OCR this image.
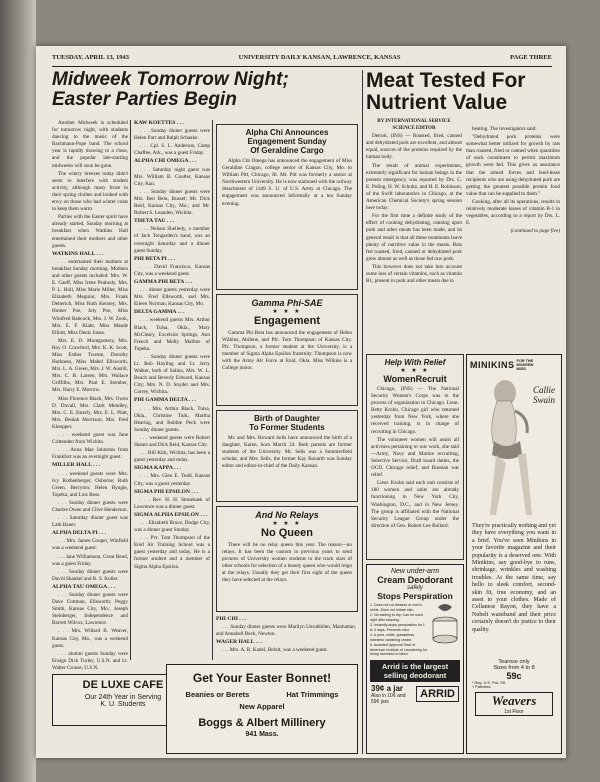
TUESDAY, APRIL 13, 1943	UNIVERSITY DAILY KANSAN, LAWRENCE, KANSAS	PAGE THREE
Midweek Tomorrow Night;
Easter Parties Begin
Meat Tested For
Nutrient Value

Another Midweek is scheduled for tomorrow night, with students dancing to the music of the Bachmann-Pope band. The school year is rapidly drawing to a close, and the popular late-starting midweeks will soon be gone.

The wintry breezes today didn't seem to interfere with student activity, although many froze in their spring clothes and looked with envy on those who had winter coats to keep them warm.

Parties with the Easter spirit have already started, Sunday morning at breakfast when Watkins Hall entertained their mothers and other guests.

WATKINS HALL . . .

. . . entertained their mothers at breakfast Sunday morning. Mothers and other guests included: Mrs. W. E. Gaeff, Miss Irene Peabody, Mrs. P. L. Hull, Miss Marie Miller, Miss Elizabeth Meguiar, Mrs. Frank Deiterich, Miss Ruth Kenney, Mrs. Homer Poe, July Poe, Miss Winifred Babcock, Mrs. J. W. Zook, Mrs. E. F. Klahr, Miss Maude Elliott, Miss Denis Jones.

Mrs. E. D. Montgomery, Mrs. Roy O. Crawford, Mrs. K. K. Scott, Miss Esther Twente, Dorothy Harkness, Miss Mabel Ellsworth, Mrs. L. A. Green, Mrs. J. W. Austill, Mrs. C. B. Larsen, Mrs. Wallace Griffiths, Mrs. Paul E. Stember, Mrs. Harry E. Morrow.

Miss Florence Black, Mrs. Owen D. Duvall, Mrs. Clark Mendley, Mrs. C. E. Esterly, Mrs. E. L. Platt, Mrs. Beulah Morrison, Mrs. Fred Kleopper.

. . . weekend guest was Jane Crittenden from Wichita.

. . . Anna Mae Johnston from Frankfort was an overnight guest.

MILLER HALL . . .

. . . weekend guests were Mrs. Ivy Rothenberger, Osborne; Ruth Green, Berryton; Helen Ryngle, Topeka, and Lois Ross.

. . . Sunday dinner guests were Charles Owen and Clive Henderson.

. . . Saturday dinner guest was Lath Bauer.

ALPHA DELTA PI . . .

. . . Mrs. James Cooper, Winfield was a weekend guest.

. . . Jane Williamson, Great Bend, was a guest Friday.

. . . Sunday dinner guests were David Shankel and R. S. Koller.

ALPHA TAU OMEGA . . .

. . . Sunday dinner guests were Dave Cottman, Ellsworth; Peggy Smith, Kansas City, Mo.; Joseph Steinberger, Independence and Barrett Wilcox, Lawrence.

. . . Mrs. Willard B. Weaver, Kansas City, Mo., was a weekend guest.

. . . alumni guests Sunday were Ensign Dick Turley, U.S.N. and Lt. Walter Crouse, U.S.N.

DE LUXE CAFE
Our 24th Year in Serving
K. U. Students

KAW KOETTES . . .

. . . Sunday dinner guests were Helen Parr and Ralph Schaake.

. . . Cpl. S. L. Anderson, Camp Chaffee, Ark., was a guest Friday.

ALPHA CHI OMEGA . . .

. . . Saturday night guest was Mrs. William B. Coulter, Kansas City, Kan.

. . . Sunday dinner guests were Mrs. Ben Bein, Russel; Mr. Dick Reid, Kansas City, Mo.; and Mr. Robert S. Leanden, Wichita.

THETA TAU . . .

. . . Nelson Shelledy, a member of Jack Tongarden's band, was an overnight Saturday and a dinner guest Sunday.

PHI BETA PI . . .

. . . David Francisco, Kansas City, was a weekend guest.

GAMMA PHI BETA . . .

. . . dinner guests yesterday were Mrs. Fred Ellsworth, and Mrs. Eileen Norman, Kansas City, Mo.

DELTA GAMMA . . .

. . . weekend guests Mrs. Arthur Black, Tulsa, Okla., Mary McCleary, Excelsior Springs, Ann French and Molly Mallins of Topeka.

. . . Sunday dinner guests were Lt. Bob Hayling and Lt. Jerry Walker, both of Salina, Mrs. W. L. Beach and Beverly Edward, Kansas City; Mrs. N. D. Snyder and Mrs. Correy, Wichita.

PHI GAMMA DELTA . . .

. . . Mrs. Arthur Black, Tulsa, Okla., Christine Turk, Martha Hearing, and Bobbie Peck were Sunday dinner guests.

. . . weekend guests were Robert Shears and Dick Reid, Kansas City.

. . . Bill Kirk, Wichita, has been a guest yesterday and today.

SIGMA KAPPA . . .

. . . Mrs. Glen E. Todd, Kansas City, was a guest yesterday.

SIGMA PHI EPSILON . . .

. . . Rev. H. H. Stonebaek of Lawrence was a dinner guest.

SIGMA ALPHA EPSILON . . .

. . . Elizabeth Bruce, Dodge City, was a dinner guest Sunday.

. . . Pvt. Tom Thompson of the Enid Air Training School was a guest yesterday and today. He is a former student and a member of Sigma Alpha Epsilon.

Alpha Chi Announces
Engagement Sunday
Of Geraldine Cargo

Alpha Chi Omega has announced the engagement of Miss Geraldine Cragun, college senior of Kansas City, Mo. to William Pitt, Chicago, Ill. Mr. Pitt was formerly a senior at Northwestern University. He is now stationed with the railway detachment of 1449 S. U. of U.S. Army at Chicago. The engagement was announced informally at a tea Sunday evening.

Gamma Phi-SAE
★ ★ ★
Engagement

Gamma Phi Beta has announced the engagement of Helen Wilkins, Abilene, and Pfc. Tom Thompson of Kansas City. Pfc. Thompson, a former student at the University, is a member of Sigma Alpha Epsilon fraternity. Thompson is now with the Army Air Force at Enid, Okla. Miss Wilkins is a College junior.

Birth of Daughter
To Former Students

Mr. and Mrs. Howard Sells have announced the birth of a daughter, Karen, born March 24. Both parents are former students of the University. Mr. Sells was a Summerfield scholar, and Mrs. Sells, the former Kay Bonarth was Sunday editor and editor-in-chief of the Daily Kansan.

And No Relays
★ ★ ★
No Queen

There will be no relay queen this year. The reason—no relays. It has been the custom in previous years to send pictures of University women students to the track stars of other schools for selection of a beauty queen who would reign at the relays. Usually they get their first sight of the queen they have selected at the relays.

PHI CHI . . .

. . . Sunday dinner guests were Marilyn Unruhbilen, Manhattan, and Annabell Beck, Newton.

WAGER HALL . . .

. . . Mrs. A. R. Kadel, Beloit, was a weekend guest.

Get Your Easter Bonnet!
Beanies or Berets	Hat Trimmings
New Apparel
Boggs & Albert Millinery
941 Mass.

BY INTERNATIONAL SERVICE SCIENCE EDITOR

Detroit, (INS) — Roasted, fried, canned and dehydrated pork are excellent, and almost equal, sources of the proteins required by the human body.

The result of animal experiments, extremely significant for human beings in the present emergency, was reported by Drs. C. E. Poling, H. W. Schultz, and H. E. Robinson, of the Swift laboratories in Chicago, at the American Chemical Society's spring session here today.

For the first time a definite study of the effect of cooking dehydrating, canning upon pork and other meats has been made, and its general result is that all these treatments leave plenty of nutritive value in the meats. Rats fed roasted, fried, canned or dehydrated pork grew almost as well as those fed raw pork.

This however does not take into account some loss of certain vitamins, such as vitamin B1, present in pork and other meats due to

heating. The investigators said:

"Dehydrated pork proteins were somewhat better utilized for growth by rats than roasted, fried or canned when quantities of each constituent to permit maximum growth were fed. This gives us assurance that the armed forces and lend-lease recipients who are using dehydrated pork are getting the greatest possible protein food value that can be supplied to them."

Cooking, after all its operations, results in relatively moderate losses of vitamin B-1 in vegetables, according to a report by Drs. L. E.

(continued to page five)

Help With Relief
★ ★ ★
WomenRecruit

Chicago, (INS) — The National Security Women's Corps was in the process of organization in Chicago. Lieut. Betty Krohn, Chicago girl who returned yesterday from New York, where she received training, is in charge of recruiting in Chicago.

The volunteer women will assist all activities pertaining to war work, she said—Army, Navy and Marine recruiting, Selective Service, Draft board duties, the OCD, Chicago relief, and Russian war relief.

Lieut. Krohn said each unit consists of 180 women and units are already functioning in New York City, Washington, D.C., and in New Jersey. The group is affiliated with the National Security League Group under the direction of Gen. Robert Lee Bullard.

New under-arm
Cream Deodorant
safely
Stops Perspiration
1. Does not rot dresses or men's shirts. Does not irritate skin.
2. No waiting to dry. Can be used right after shaving.
3. Instantly stops perspiration for 1 to 3 days. Prevents odor.
4. A pure, white, greaseless, stainless vanishing cream.
5. Awarded Approval Seal of American Institute of Laundering for being harmless to fabric.
Arrid is the largest
selling deodorant
39¢ a jar
Also in 10¢ and 59¢ jars
ARRID
MINIKINS FOR THE
MODERN
MISS
Callie
Swain
They're practically nothing and yet they have everything you want in a brief. You've seen Minikins in your favorite magazine and their popularity is a deserved one. With Minikins, say good-bye to runs, shrinkage, wrinkles and washing troubles. At the same time, say hello to sleek comfort, second-skin fit, true economy, and an asset to your clothes. Made of Cellanese Rayon, they have a Nubelt waistband and their price certainly doesn't do justice to their quality.
Tearose only
Sizes from 4 to 8
59c
* Reg. U.S. Pat. Off.
† Patented.
Weavers
1st Floor
